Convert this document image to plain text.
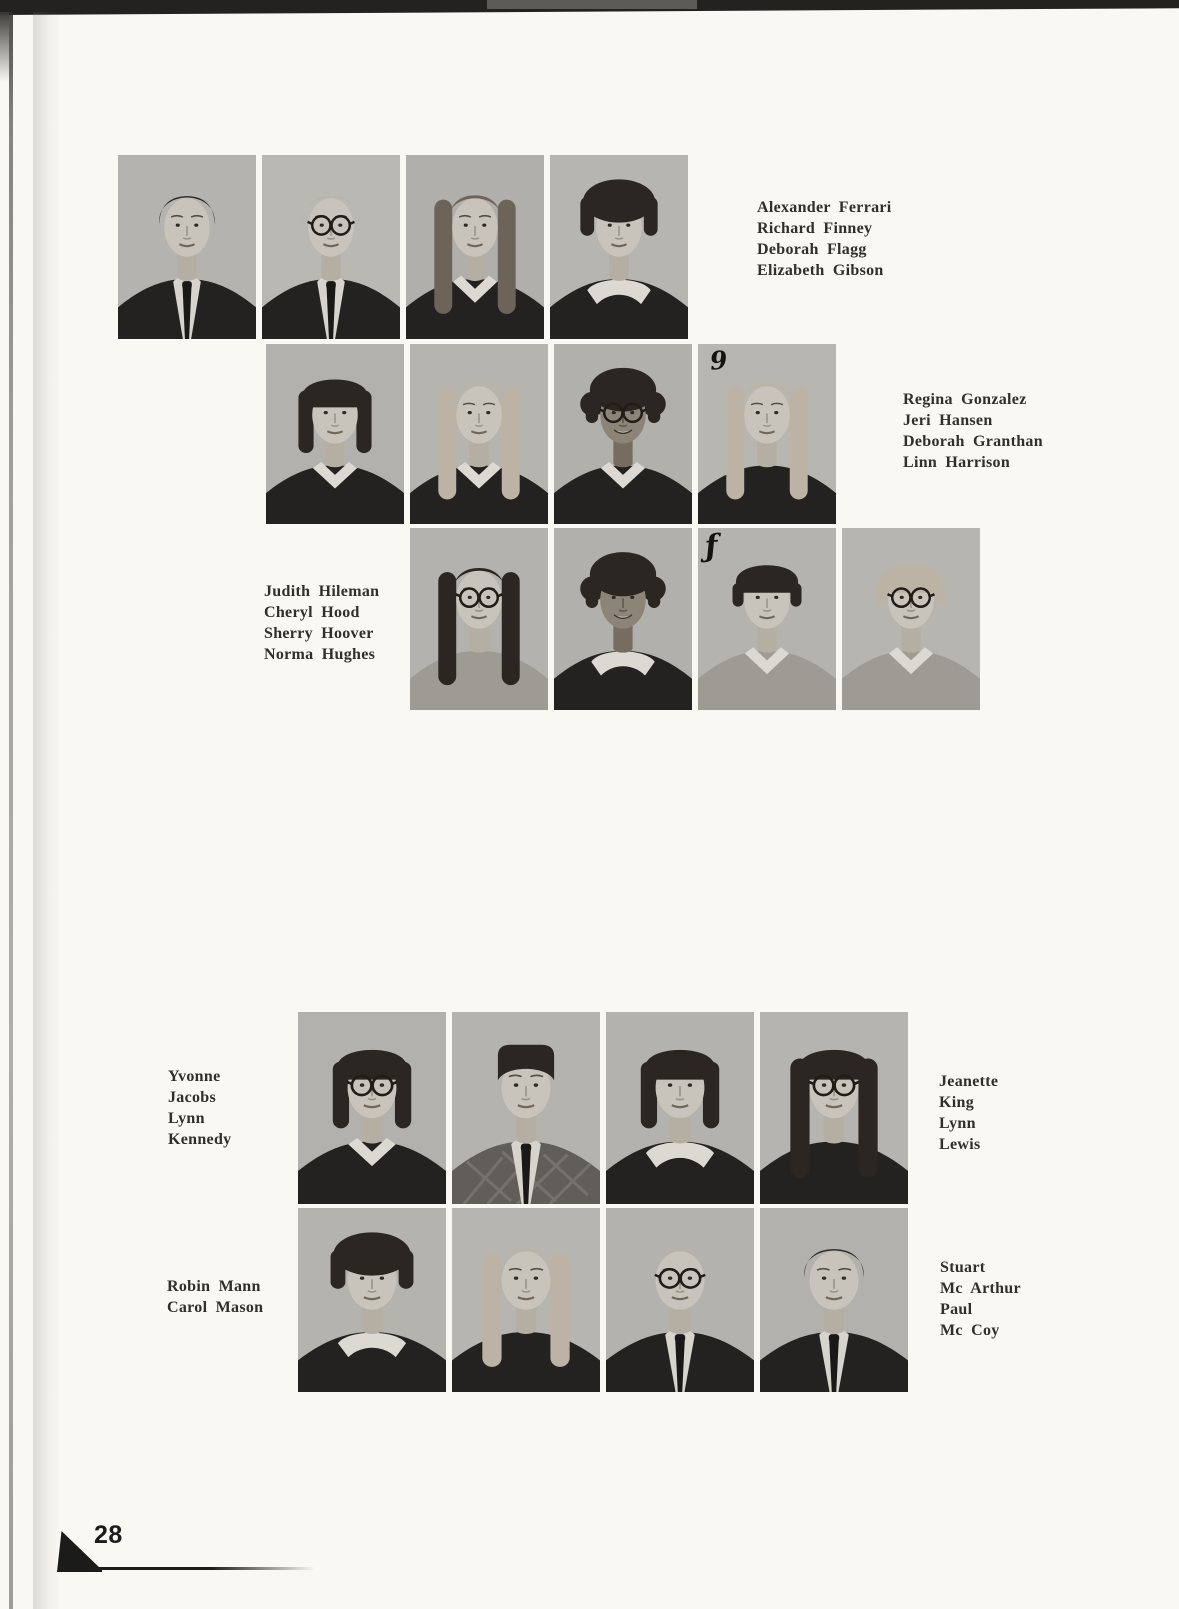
9
ƒ
Alexander Ferrari
Richard Finney
Deborah Flagg
Elizabeth Gibson
Regina Gonzalez
Jeri Hansen
Deborah Granthan
Linn Harrison
Judith Hileman
Cheryl Hood
Sherry Hoover
Norma Hughes
Yvonne
Jacobs
Lynn
Kennedy
Jeanette
King
Lynn
Lewis
Robin Mann
Carol Mason
Stuart
Mc Arthur
Paul
Mc Coy
28
